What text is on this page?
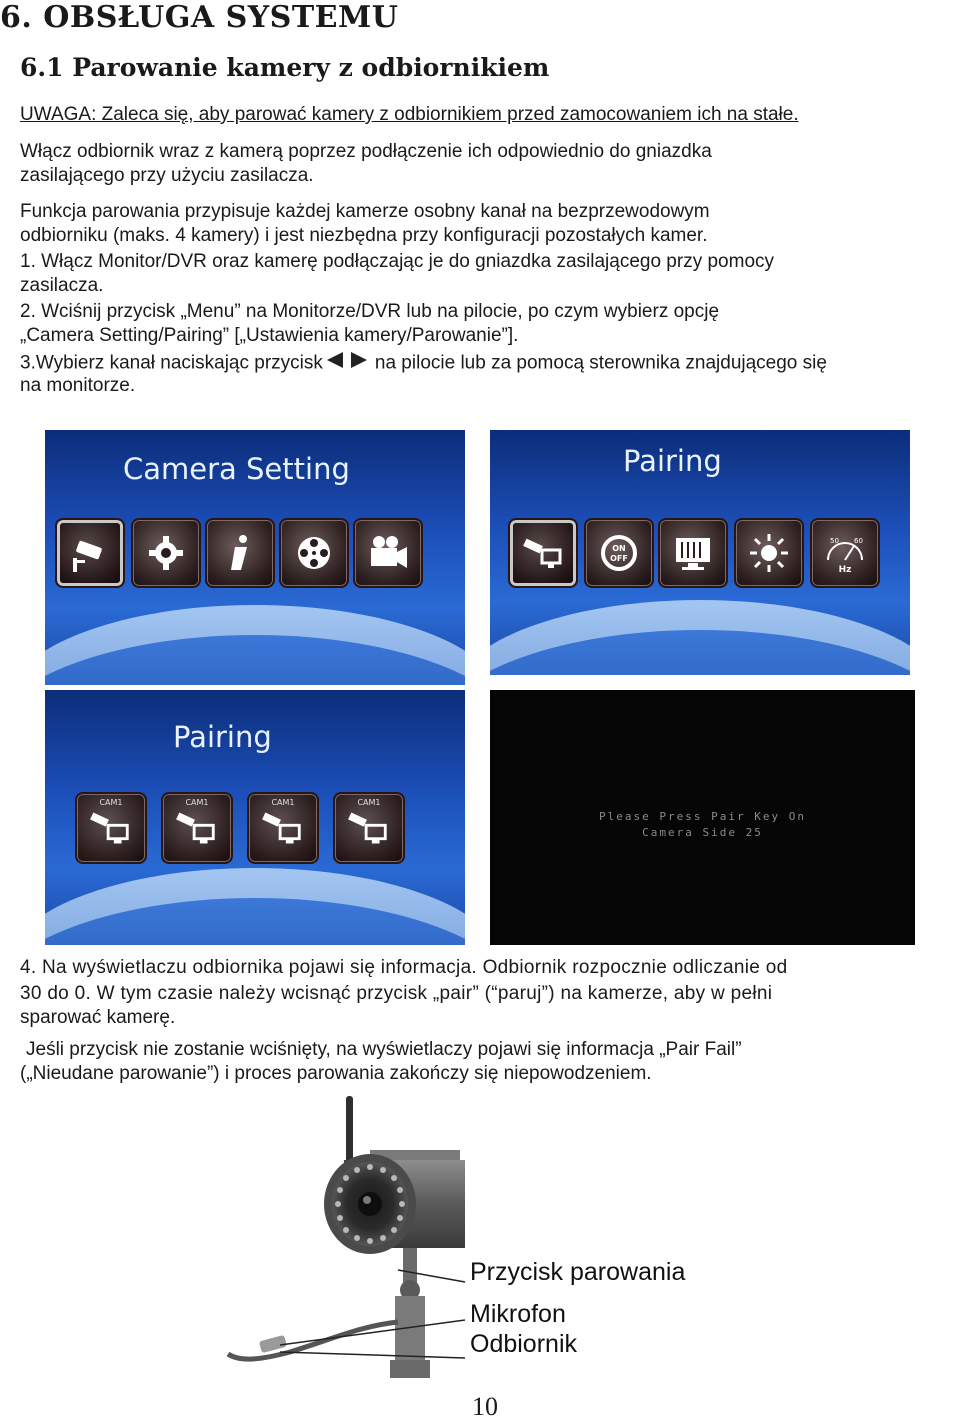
6. OBSŁUGA SYSTEMU
6.1 Parowanie kamery z odbiornikiem
UWAGA: Zaleca się, aby parować kamery z odbiornikiem przed zamocowaniem ich na stałe.
Włącz odbiornik wraz z kamerą poprzez podłączenie ich odpowiednio do gniazdka
zasilającego przy użyciu zasilacza.
Funkcja parowania przypisuje każdej kamerze osobny kanał na bezprzewodowym
odbiorniku (maks. 4 kamery) i jest niezbędna przy konfiguracji pozostałych kamer.
1. Włącz Monitor/DVR oraz kamerę podłączając je do gniazdka zasilającego przy pomocy
zasilacza.
2. Wciśnij przycisk „Menu” na Monitorze/DVR lub na pilocie, po czym wybierz opcję
„Camera Setting/Pairing” [„Ustawienia kamery/Parowanie”].
3.Wybierz kanał naciskając przycisk	na pilocie lub za pomocą sterownika znajdującego się
na monitorze.
Camera Setting	Pairing
ON
OFF
50 60
Hz
Pairing
CAM1	CAM1	CAM1	CAM1
Please Press Pair Key On
Camera Side 25
4. Na wyświetlaczu odbiornika pojawi się informacja. Odbiornik rozpocznie odliczanie od
30 do 0. W tym czasie należy wcisnąć przycisk „pair” (“paruj”) na kamerze, aby w pełni
sparować kamerę.
Jeśli przycisk nie zostanie wciśnięty, na wyświetlaczy pojawi się informacja „Pair Fail”
(„Nieudane parowanie”) i proces parowania zakończy się niepowodzeniem.
Przycisk parowania
Mikrofon
Odbiornik
10
